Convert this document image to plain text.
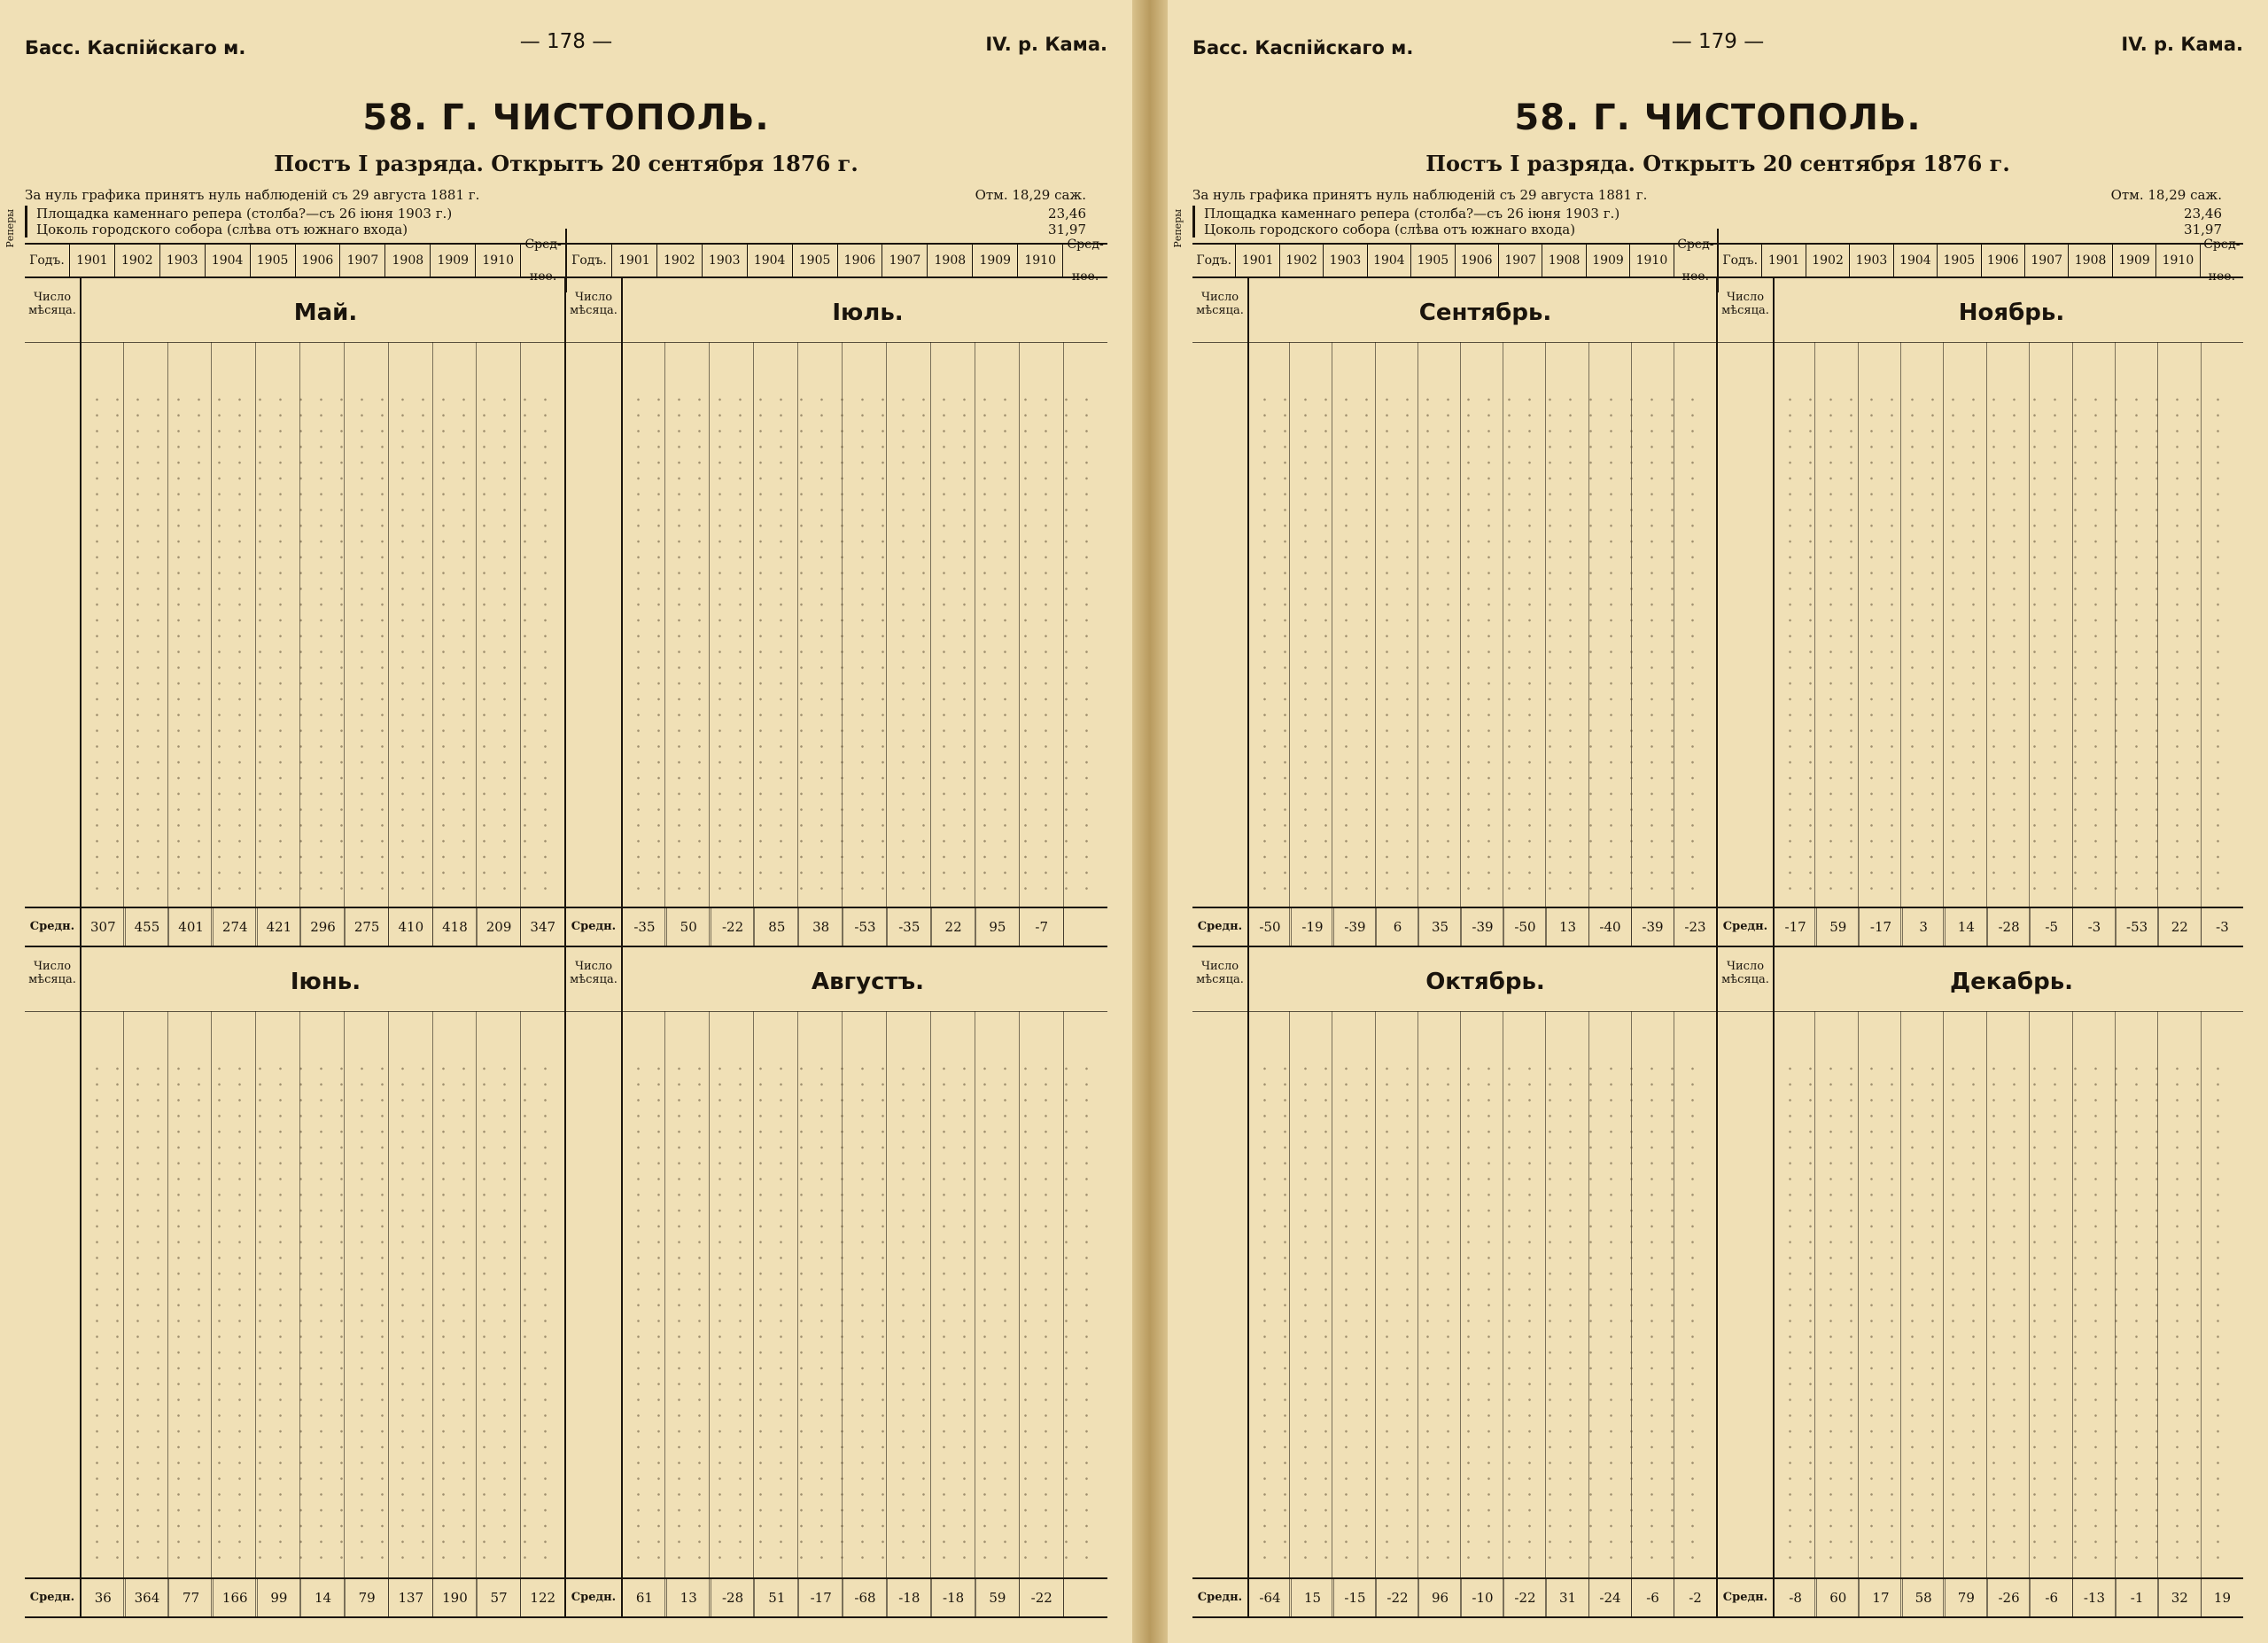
Басс. Каспійскаго м.	— 178 —	IV. р. Кама.
58. Г. ЧИСТОПОЛЬ.
Постъ I разряда. Открытъ 20 сентября 1876 г.
За нуль графика принятъ нуль наблюденій съ 29 августа 1881 г.	Отм. 18,29 саж.
Реперы Площадка каменнаго репера (столба?—съ 26 іюня 1903 г.)	23,46
Цоколь городского собора (слѣва отъ южнаго входа)	31,97
Годъ. 1901	1902	1903	1904	1905	1906	1907	1908	1909	1910
Сред-нее.
Годъ. 1901	1902	1903	1904	1905	1906	1907	1908	1909	1910
Сред-нее.
Число мѣсяца.	Май.
Средн.	307	455	401	274	421	296	275	410	418	209	347
Число мѣсяца.	Іюль.
Средн.	-35	50	-22	85	38	-53	-35	22	95	-7
Число мѣсяца.	Іюнь.
Средн.	36	364	77	166	99	14	79	137	190	57	122
Число мѣсяца.	Августъ.
Средн.	61	13	-28	51	-17	-68	-18	-18	59	-22
Басс. Каспійскаго м.	— 179 —	IV. р. Кама.
58. Г. ЧИСТОПОЛЬ.
Постъ I разряда. Открытъ 20 сентября 1876 г.
За нуль графика принятъ нуль наблюденій съ 29 августа 1881 г.	Отм. 18,29 саж.
Реперы Площадка каменнаго репера (столба?—съ 26 іюня 1903 г.)	23,46
Цоколь городского собора (слѣва отъ южнаго входа)	31,97
Годъ. 1901 1902 1903 1904 1905 1906 1907 1908 1909 1910
Сред-нее.
Годъ. 1901 1902 1903 1904 1905 1906 1907 1908 1909 1910
Сред-нее.
Число мѣсяца.	Сентябрь.
Средн.	-50	-19	-39	6	35	-39	-50	13	-40	-39	-23
Число мѣсяца.	Ноябрь.
Средн.	-17	59	-17	3	14	-28	-5	-3	-53	22	-3
Число мѣсяца.	Октябрь.
Средн.	-64	15	-15	-22	96	-10	-22	31	-24	-6	-2
Число мѣсяца.	Декабрь.
Средн.	-8	60	17	58	79	-26	-6	-13	-1	32	19
